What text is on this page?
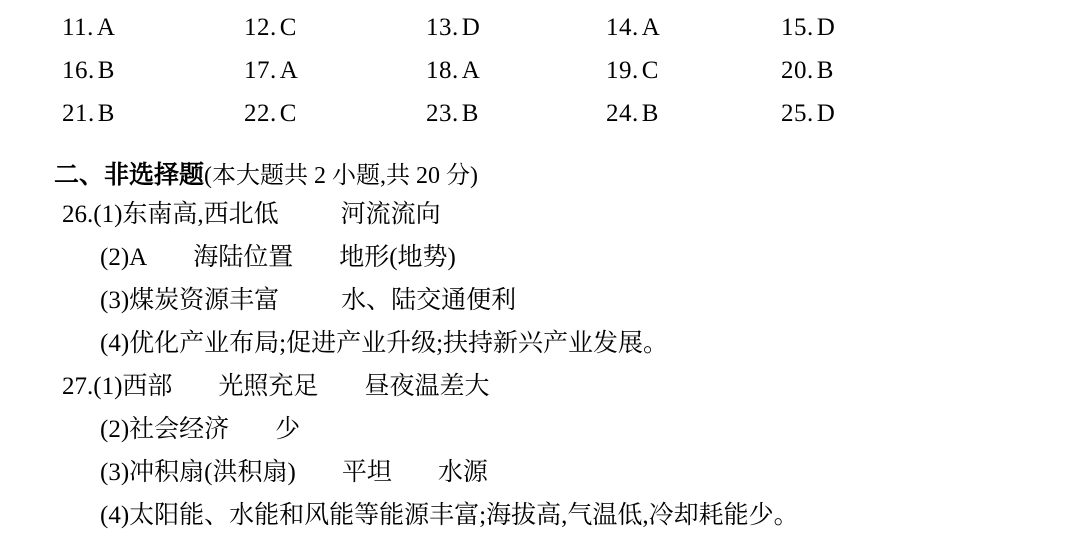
11. A	12. C	13. D	14. A	15. D
16. B	17. A	18. A	19. C	20. B
21. B	22. C	23. B	24. B	25. D
二、非选择题(本大题共 2 小题,共 20 分)
26.(1) 东南高,西北低 河流流向
(2) A 海陆位置 地形(地势)
(3) 煤炭资源丰富 水、陆交通便利
(4) 优化产业布局;促进产业升级;扶持新兴产业发展。
27.(1) 西部 光照充足 昼夜温差大
(2) 社会经济 少
(3) 冲积扇(洪积扇) 平坦 水源
(4) 太阳能、水能和风能等能源丰富;海拔高,气温低,冷却耗能少。
